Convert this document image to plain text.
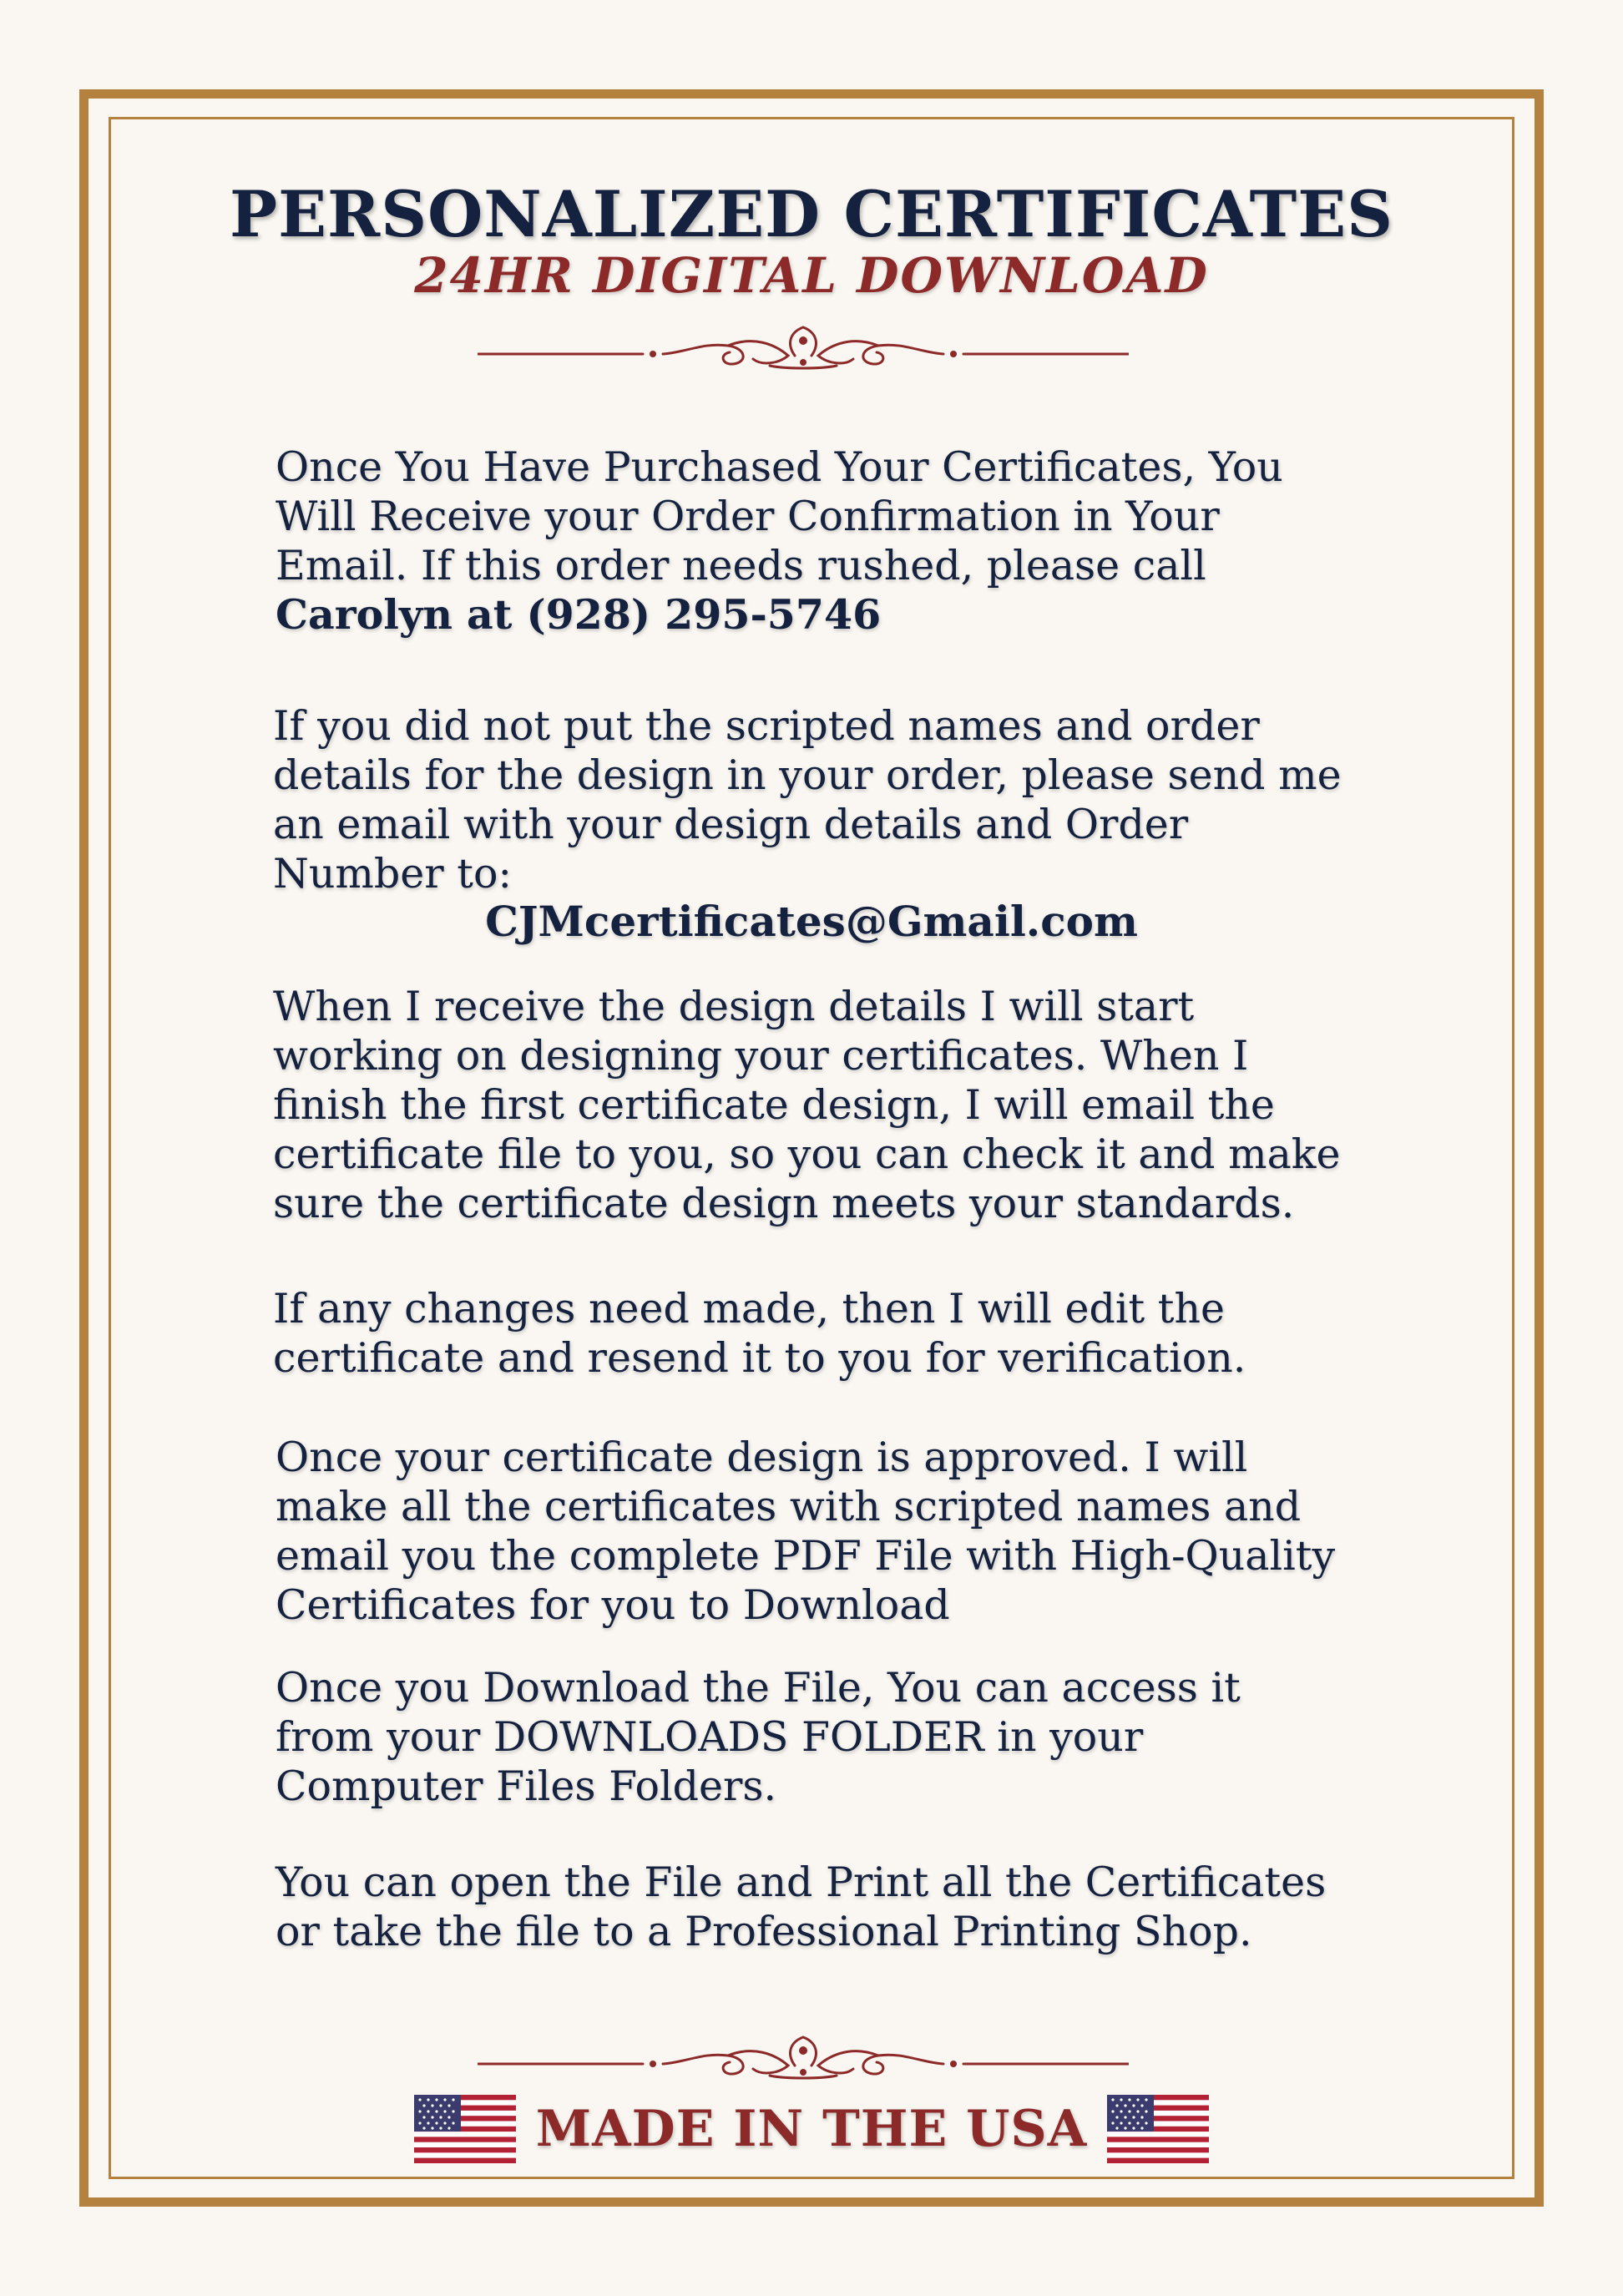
PERSONALIZED CERTIFICATES
24HR DIGITAL DOWNLOAD
Once You Have Purchased Your Certificates, You
Will Receive your Order Confirmation in Your
Email. If this order needs rushed, please call
Carolyn at (928) 295-5746
If you did not put the scripted names and order
details for the design in your order, please send me
an email with your design details and Order
Number to:
CJMcertificates@Gmail.com
When I receive the design details I will start
working on designing your certificates. When I
finish the first certificate design, I will email the
certificate file to you, so you can check it and make
sure the certificate design meets your standards.
If any changes need made, then I will edit the
certificate and resend it to you for verification.
Once your certificate design is approved. I will
make all the certificates with scripted names and
email you the complete PDF File with High-Quality
Certificates for you to Download
Once you Download the File, You can access it
from your DOWNLOADS FOLDER in your
Computer Files Folders.
You can open the File and Print all the Certificates
or take the file to a Professional Printing Shop.
MADE IN THE USA
